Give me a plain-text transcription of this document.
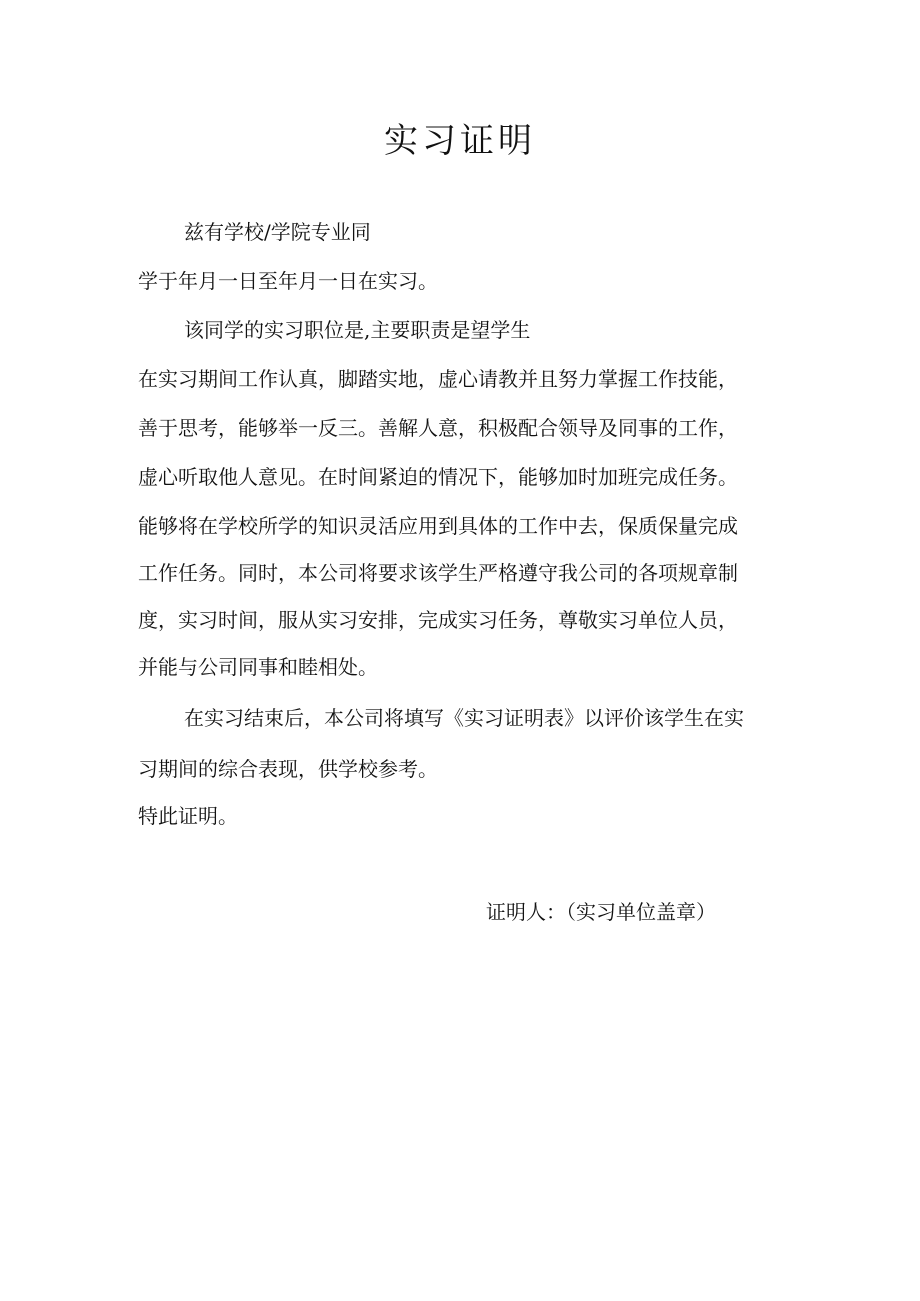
实习证明
兹有学校/学院专业同
学于年月一日至年月一日在实习。
该同学的实习职位是,主要职责是望学生
在实习期间工作认真，脚踏实地，虚心请教并且努力掌握工作技能，
善于思考，能够举一反三。善解人意，积极配合领导及同事的工作，
虚心听取他人意见。在时间紧迫的情况下，能够加时加班完成任务。
能够将在学校所学的知识灵活应用到具体的工作中去，保质保量完成
工作任务。同时，本公司将要求该学生严格遵守我公司的各项规章制
度，实习时间，服从实习安排，完成实习任务，尊敬实习单位人员，
并能与公司同事和睦相处。
在实习结束后，本公司将填写《实习证明表》以评价该学生在实
习期间的综合表现，供学校参考。
特此证明。
证明人：（实习单位盖章）
